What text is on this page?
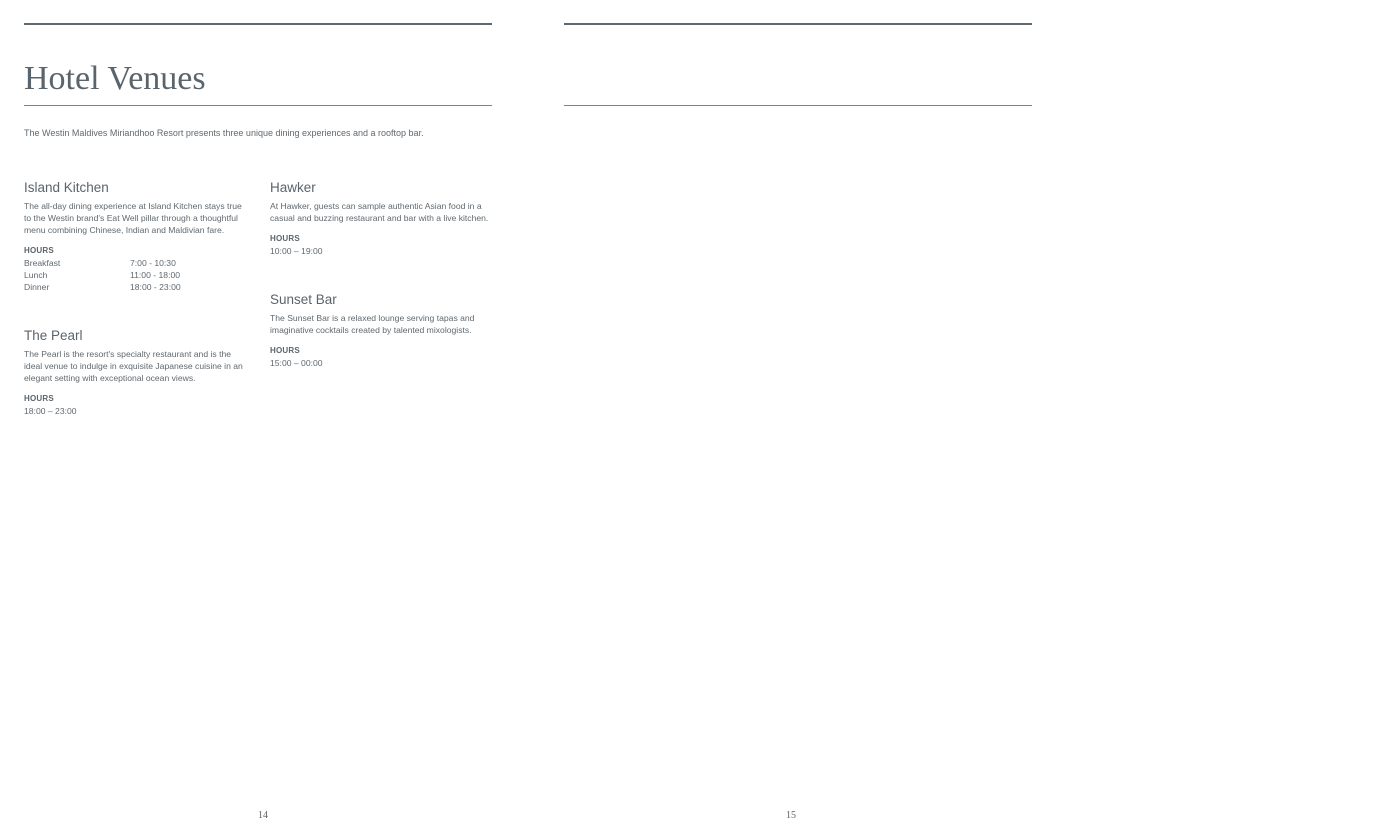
Hotel Venues

The Westin Maldives Miriandhoo Resort presents three unique dining experiences and a rooftop bar.

Island Kitchen

The all-day dining experience at Island Kitchen stays true to the Westin brand's Eat Well pillar through a thoughtful menu combining Chinese, Indian and Maldivian fare.

HOURS
Breakfast	7:00 - 10:30
Lunch	11:00 - 18:00
Dinner	18:00 - 23:00
The Pearl

The Pearl is the resort's specialty restaurant and is the ideal venue to indulge in exquisite Japanese cuisine in an elegant setting with exceptional ocean views.

HOURS
18:00 – 23:00
Hawker

At Hawker, guests can sample authentic Asian food in a casual and buzzing restaurant and bar with a live kitchen.

HOURS
10:00 – 19:00
Sunset Bar

The Sunset Bar is a relaxed lounge serving tapas and imaginative cocktails created by talented mixologists.

HOURS
15:00 – 00:00
14	15
